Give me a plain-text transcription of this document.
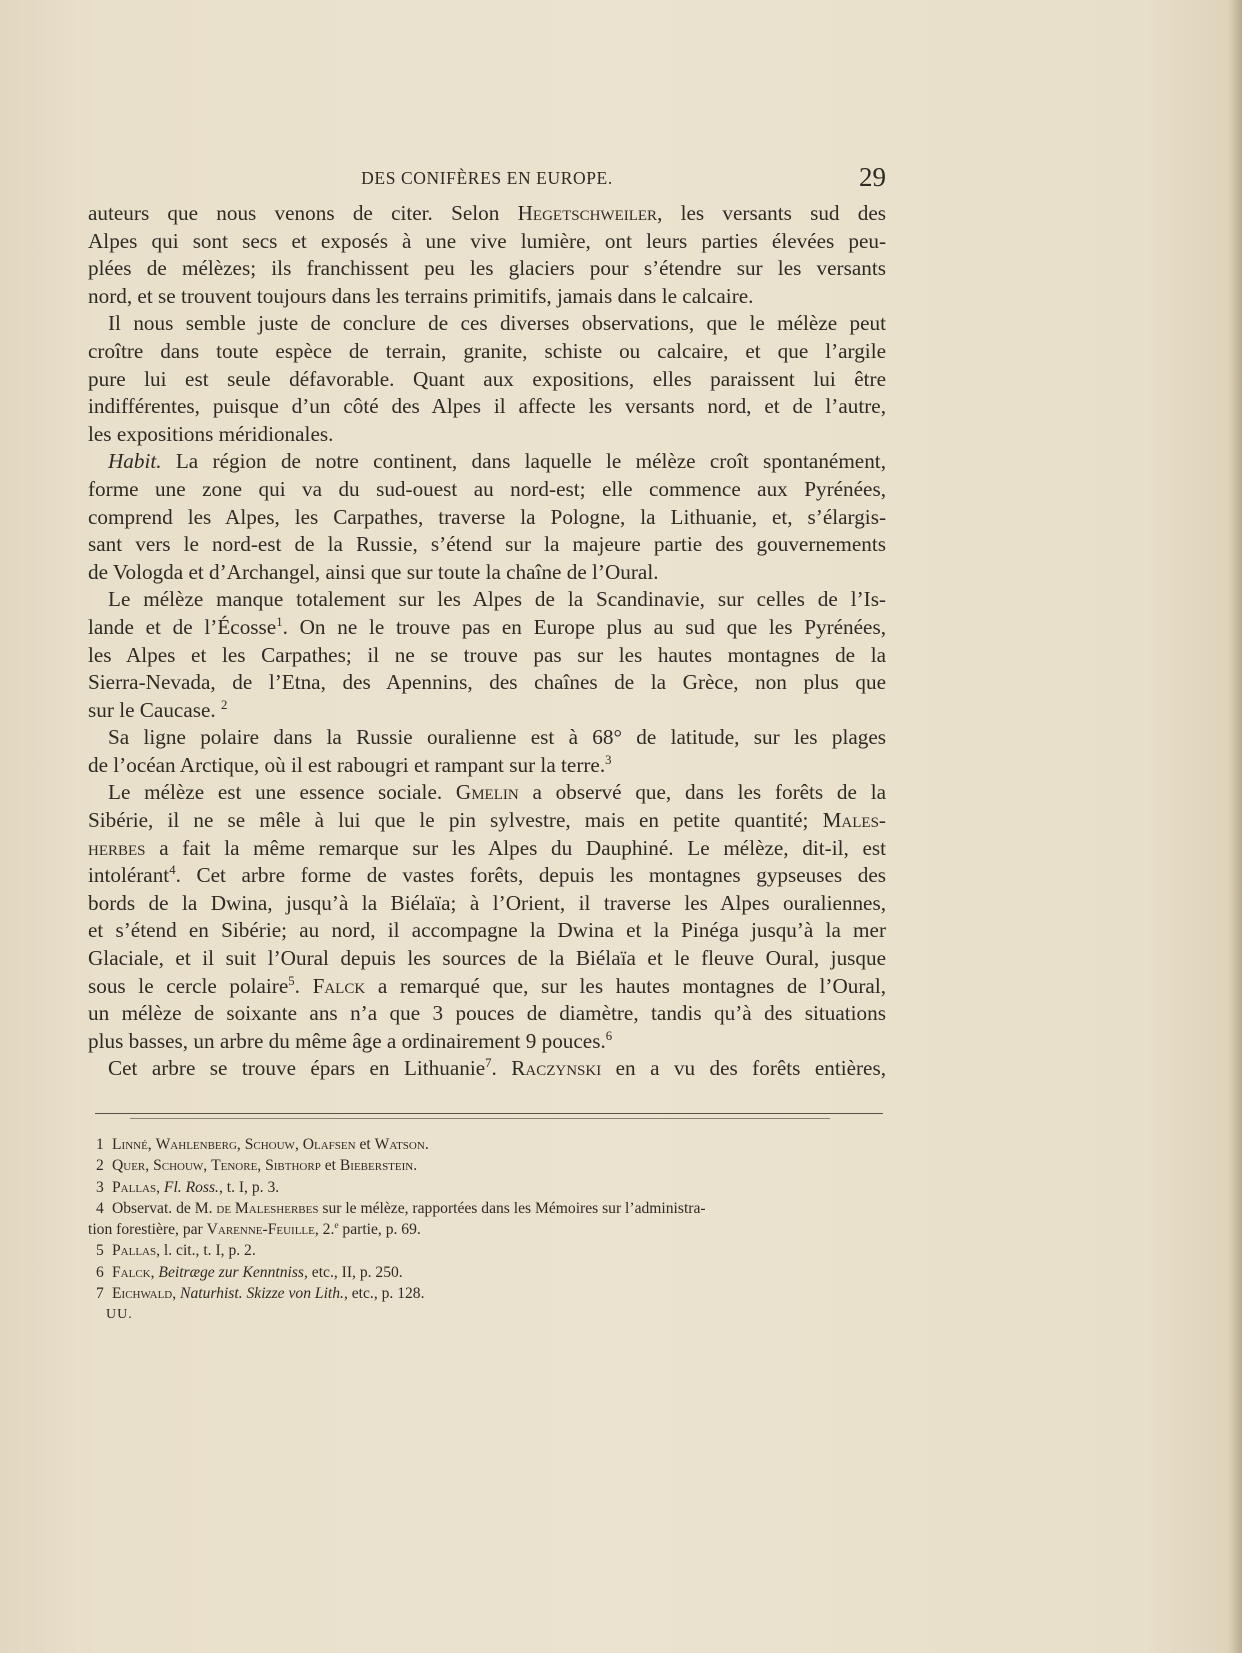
DES CONIFÈRES EN EUROPE.	29
auteurs que nous venons de citer. Selon Hegetschweiler, les versants sud des
Alpes qui sont secs et exposés à une vive lumière, ont leurs parties élevées peu-
plées de mélèzes; ils franchissent peu les glaciers pour s’étendre sur les versants
nord, et se trouvent toujours dans les terrains primitifs, jamais dans le calcaire.
Il nous semble juste de conclure de ces diverses observations, que le mélèze peut
croître dans toute espèce de terrain, granite, schiste ou calcaire, et que l’argile
pure lui est seule défavorable. Quant aux expositions, elles paraissent lui être
indifférentes, puisque d’un côté des Alpes il affecte les versants nord, et de l’autre,
les expositions méridionales.
Habit. La région de notre continent, dans laquelle le mélèze croît spontanément,
forme une zone qui va du sud-ouest au nord-est; elle commence aux Pyrénées,
comprend les Alpes, les Carpathes, traverse la Pologne, la Lithuanie, et, s’élargis-
sant vers le nord-est de la Russie, s’étend sur la majeure partie des gouvernements
de Vologda et d’Archangel, ainsi que sur toute la chaîne de l’Oural.
Le mélèze manque totalement sur les Alpes de la Scandinavie, sur celles de l’Is-
lande et de l’Écosse$^1$. On ne le trouve pas en Europe plus au sud que les Pyrénées,
les Alpes et les Carpathes; il ne se trouve pas sur les hautes montagnes de la
Sierra-Nevada, de l’Etna, des Apennins, des chaînes de la Grèce, non plus que
sur le Caucase. $^2$
Sa ligne polaire dans la Russie ouralienne est à 68° de latitude, sur les plages
de l’océan Arctique, où il est rabougri et rampant sur la terre.$^3$
Le mélèze est une essence sociale. Gmelin a observé que, dans les forêts de la
Sibérie, il ne se mêle à lui que le pin sylvestre, mais en petite quantité; Males-
herbes a fait la même remarque sur les Alpes du Dauphiné. Le mélèze, dit-il, est
intolérant$^4$. Cet arbre forme de vastes forêts, depuis les montagnes gypseuses des
bords de la Dwina, jusqu’à la Biélaïa; à l’Orient, il traverse les Alpes ouraliennes,
et s’étend en Sibérie; au nord, il accompagne la Dwina et la Pinéga jusqu’à la mer
Glaciale, et il suit l’Oural depuis les sources de la Biélaïa et le fleuve Oural, jusque
sous le cercle polaire$^5$. Falck a remarqué que, sur les hautes montagnes de l’Oural,
un mélèze de soixante ans n’a que 3 pouces de diamètre, tandis qu’à des situations
plus basses, un arbre du même âge a ordinairement 9 pouces.$^6$
Cet arbre se trouve épars en Lithuanie$^7$. Raczynski en a vu des forêts entières,
1 Linné, Wahlenberg, Schouw, Olafsen et Watson.
2 Quer, Schouw, Tenore, Sibthorp et Bieberstein.
3 Pallas, Fl. Ross., t. I, p. 3.
4 Observat. de M. de Malesherbes sur le mélèze, rapportées dans les Mémoires sur l’administra-
tion forestière, par Varenne-Feuille, 2.$^e$ partie, p. 69.
5 Pallas, l. cit., t. I, p. 2.
6 Falck, Beitræge zur Kenntniss, etc., II, p. 250.
7 Eichwald, Naturhist. Skizze von Lith., etc., p. 128.
UU.
